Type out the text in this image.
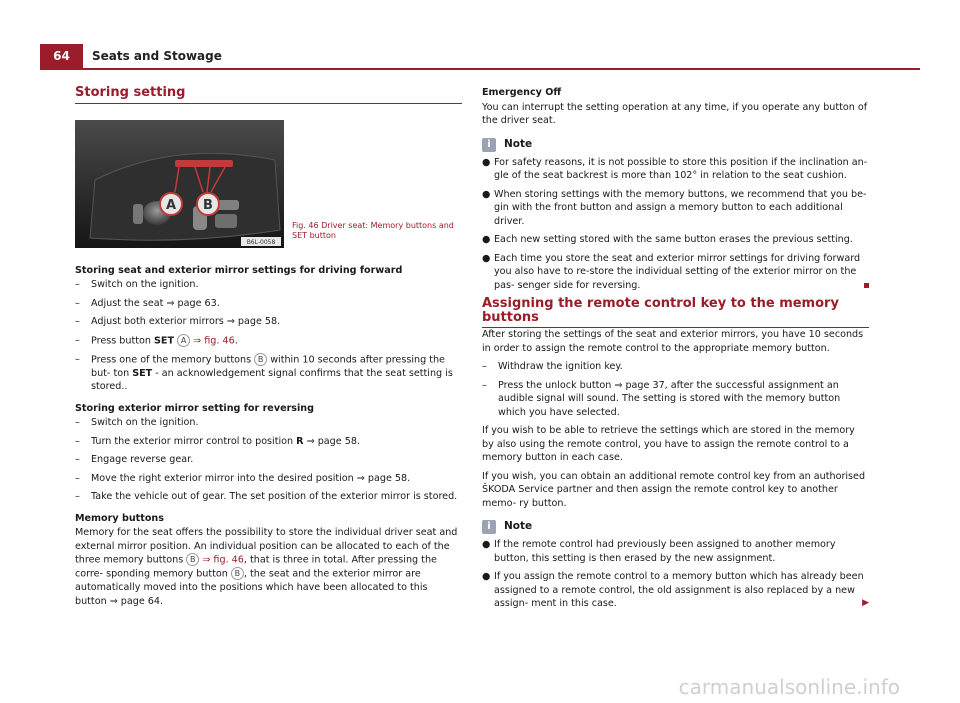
64	Seats and Stowage
Storing setting
A B
B6L-0058
Fig. 46 Driver seat: Memory buttons and SET button

Storing seat and exterior mirror settings for driving forward

– Switch on the ignition.
– Adjust the seat ⇒ page 63.
– Adjust both exterior mirrors ⇒ page 58.
– Press button SET A ⇒ fig. 46.
– Press one of the memory buttons B within 10 seconds after pressing the but- ton SET - an acknowledgement signal confirms that the seat setting is stored..

Storing exterior mirror setting for reversing

– Switch on the ignition.
– Turn the exterior mirror control to position R ⇒ page 58.
– Engage reverse gear.
– Move the right exterior mirror into the desired position ⇒ page 58.
– Take the vehicle out of gear. The set position of the exterior mirror is stored.

Memory buttons

Memory for the seat offers the possibility to store the individual driver seat and external mirror position. An individual position can be allocated to each of the three memory buttons B ⇒ fig. 46, that is three in total. After pressing the corre- sponding memory button B , the seat and the exterior mirror are automatically moved into the positions which have been allocated to this button ⇒ page 64.

Emergency Off

You can interrupt the setting operation at any time, if you operate any button of the driver seat.

i	Note
● For safety reasons, it is not possible to store this position if the inclination an- gle of the seat backrest is more than 102° in relation to the seat cushion.
● When storing settings with the memory buttons, we recommend that you be- gin with the front button and assign a memory button to each additional driver.
● Each new setting stored with the same button erases the previous setting.
● Each time you store the seat and exterior mirror settings for driving forward you also have to re-store the individual setting of the exterior mirror on the pas- senger side for reversing.
Assigning the remote control key to the memory buttons

After storing the settings of the seat and exterior mirrors, you have 10 seconds in order to assign the remote control to the appropriate memory button.

– Withdraw the ignition key.
– Press the unlock button ⇒ page 37, after the successful assignment an audible signal will sound. The setting is stored with the memory button which you have selected.

If you wish to be able to retrieve the settings which are stored in the memory by also using the remote control, you have to assign the remote control to a memory button in each case.

If you wish, you can obtain an additional remote control key from an authorised ŠKODA Service partner and then assign the remote control key to another memo- ry button.

i	Note
● If the remote control had previously been assigned to another memory button, this setting is then erased by the new assignment.
● If you assign the remote control to a memory button which has already been assigned to a remote control, the old assignment is also replaced by a new assign- ment in this case.	▶
carmanualsonline.info
